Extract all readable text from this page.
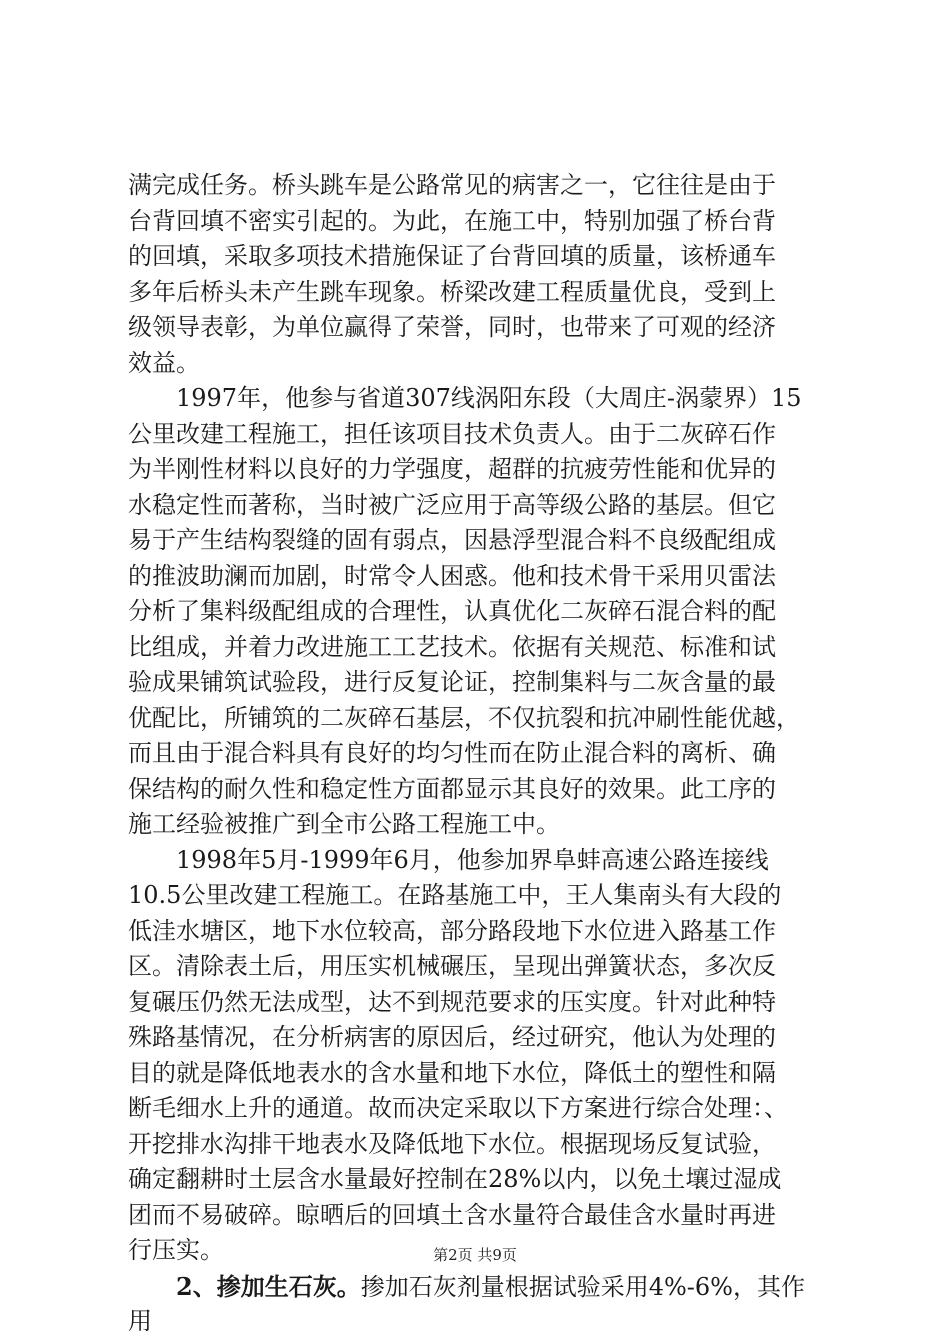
满完成任务。桥头跳车是公路常见的病害之一，它往往是由于
台背回填不密实引起的。为此，在施工中，特别加强了桥台背
的回填，采取多项技术措施保证了台背回填的质量，该桥通车
多年后桥头未产生跳车现象。桥梁改建工程质量优良，受到上
级领导表彰，为单位赢得了荣誉，同时，也带来了可观的经济
效益。
1997年，他参与省道307线涡阳东段（大周庄-涡蒙界）15
公里改建工程施工，担任该项目技术负责人。由于二灰碎石作
为半刚性材料以良好的力学强度，超群的抗疲劳性能和优异的
水稳定性而著称，当时被广泛应用于高等级公路的基层。但它
易于产生结构裂缝的固有弱点，因悬浮型混合料不良级配组成
的推波助澜而加剧，时常令人困惑。他和技术骨干采用贝雷法
分析了集料级配组成的合理性，认真优化二灰碎石混合料的配
比组成，并着力改进施工工艺技术。依据有关规范、标准和试
验成果铺筑试验段，进行反复论证，控制集料与二灰含量的最
优配比，所铺筑的二灰碎石基层，不仅抗裂和抗冲刷性能优越，
而且由于混合料具有良好的均匀性而在防止混合料的离析、确
保结构的耐久性和稳定性方面都显示其良好的效果。此工序的
施工经验被推广到全市公路工程施工中。
1998年5月-1999年6月，他参加界阜蚌高速公路连接线
10.5公里改建工程施工。在路基施工中，王人集南头有大段的
低洼水塘区，地下水位较高，部分路段地下水位进入路基工作
区。清除表土后，用压实机械碾压，呈现出弹簧状态，多次反
复碾压仍然无法成型，达不到规范要求的压实度。针对此种特
殊路基情况，在分析病害的原因后，经过研究，他认为处理的
目的就是降低地表水的含水量和地下水位，降低土的塑性和隔
断毛细水上升的通道。故而决定采取以下方案进行综合处理：、
开挖排水沟排干地表水及降低地下水位。根据现场反复试验，
确定翻耕时土层含水量最好控制在28%以内，以免土壤过湿成
团而不易破碎。晾晒后的回填土含水量符合最佳含水量时再进
行压实。
2、掺加生石灰。掺加石灰剂量根据试验采用4%-6%，其作
用
第2页 共9页
